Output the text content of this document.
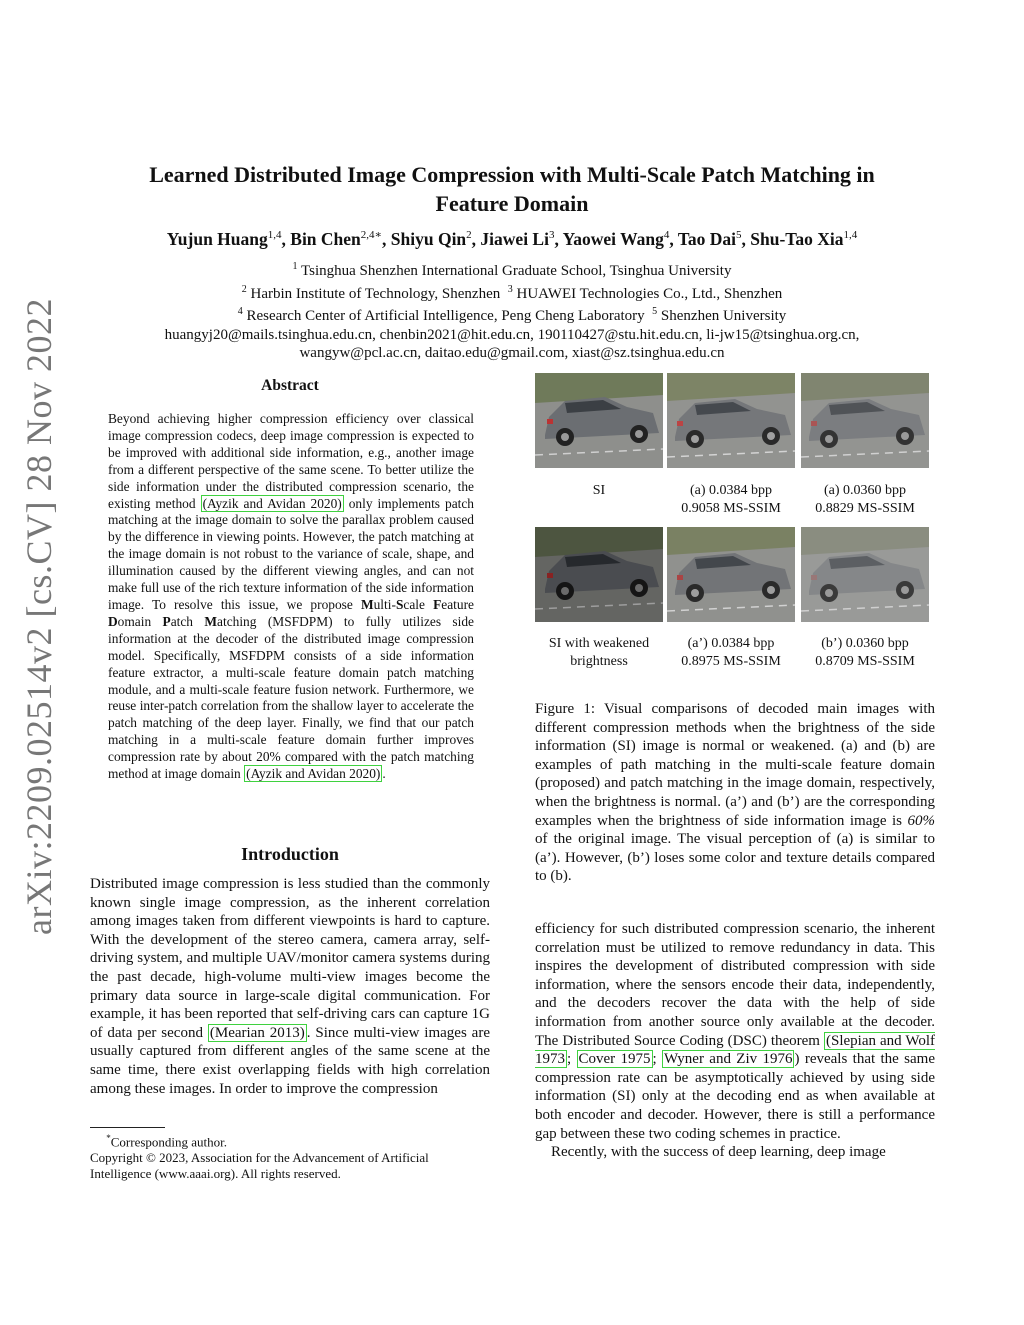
Learned Distributed Image Compression with Multi-Scale Patch Matching in
Feature Domain
Yujun Huang$^{1,4}$, Bin Chen$^{2,4∗}$, Shiyu Qin$^2$, Jiawei Li$^3$, Yaowei Wang$^4$, Tao Dai$^5$, Shu-Tao Xia$^{1,4}$
$^1$ Tsinghua Shenzhen International Graduate School, Tsinghua University
$^2$ Harbin Institute of Technology, Shenzhen $^3$ HUAWEI Technologies Co., Ltd., Shenzhen
$^4$ Research Center of Artificial Intelligence, Peng Cheng Laboratory $^5$ Shenzhen University
huangyj20@mails.tsinghua.edu.cn, chenbin2021@hit.edu.cn, 190110427@stu.hit.edu.cn, li-jw15@tsinghua.org.cn,
wangyw@pcl.ac.cn, daitao.edu@gmail.com, xiast@sz.tsinghua.edu.cn
arXiv:2209.02514v2 [cs.CV] 28 Nov 2022	Abstract
Beyond achieving higher compression efficiency over classical image compression codecs, deep image compression is expected to be improved with additional side information, e.g., another image from a different perspective of the same scene. To better utilize the side information under the distributed compression scenario, the existing method (Ayzik and Avidan 2020) only implements patch matching at the image domain to solve the parallax problem caused by the difference in viewing points. However, the patch matching at the image domain is not robust to the variance of scale, shape, and illumination caused by the different viewing angles, and can not make full use of the rich texture information of the side information image. To resolve this issue, we propose Multi-Scale Feature Domain Patch Matching (MSFDPM) to fully utilizes side information at the decoder of the distributed image compression model. Specifically, MSFDPM consists of a side information feature extractor, a multi-scale feature domain patch matching module, and a multi-scale feature fusion network. Furthermore, we reuse inter-patch correlation from the shallow layer to accelerate the patch matching of the deep layer. Finally, we find that our patch matching in a multi-scale feature domain further improves compression rate by about 20% compared with the patch matching method at image domain (Ayzik and Avidan 2020) .
Introduction
Distributed image compression is less studied than the commonly known single image compression, as the inherent correlation among images taken from different viewpoints is hard to capture. With the development of the stereo camera, camera array, self-driving system, and multiple UAV/monitor camera systems during the past decade, high-volume multi-view images become the primary data source in large-scale digital communication. For example, it has been reported that self-driving cars can capture 1G of data per second (Mearian 2013) . Since multi-view images are usually captured from different angles of the same scene at the same time, there exist overlapping fields with high correlation among these images. In order to improve the compression
*Corresponding author.
Copyright © 2023, Association for the Advancement of Artificial Intelligence (www.aaai.org). All rights reserved.
SI	(a) 0.0384 bpp
0.9058 MS-SSIM
(a) 0.0360 bpp
0.8829 MS-SSIM
SI with weakened
brightness
(a’) 0.0384 bpp
0.8975 MS-SSIM
(b’) 0.0360 bpp
0.8709 MS-SSIM
Figure 1: Visual comparisons of decoded main images with different compression methods when the brightness of the side information (SI) image is normal or weakened. (a) and (b) are examples of path matching in the multi-scale feature domain (proposed) and patch matching in the image domain, respectively, when the brightness is normal. (a’) and (b’) are the corresponding examples when the brightness of side information image is 60% of the original image. The visual perception of (a) is similar to (a’). However, (b’) loses some color and texture details compared to (b).

efficiency for such distributed compression scenario, the inherent correlation must be utilized to remove redundancy in data. This inspires the development of distributed compression with side information, where the sensors encode their data, independently, and the decoders recover the data with the help of side information from another source only available at the decoder. The Distributed Source Coding (DSC) theorem (Slepian and Wolf 1973 ; Cover 1975 ; Wyner and Ziv 1976 ) reveals that the same compression rate can be asymptotically achieved by using side information (SI) only at the decoding end as when available at both encoder and decoder. However, there is still a performance gap between these two coding schemes in practice.

Recently, with the success of deep learning, deep image
